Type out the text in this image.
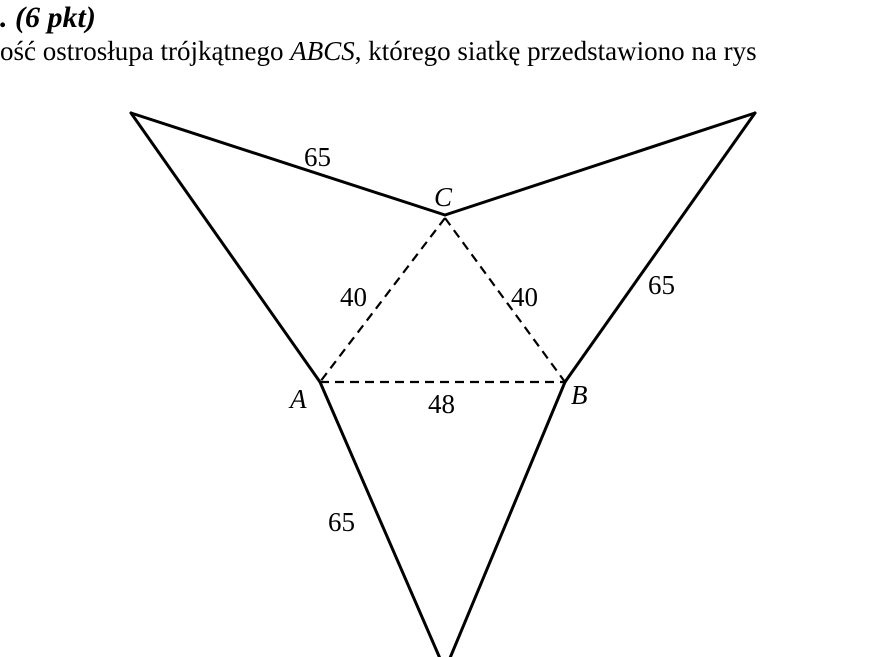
. (6 pkt)
ość ostrosłupa trójkątnego ABCS, którego siatkę przedstawiono na rys
65
65
65
40	40
48
C
A	B
